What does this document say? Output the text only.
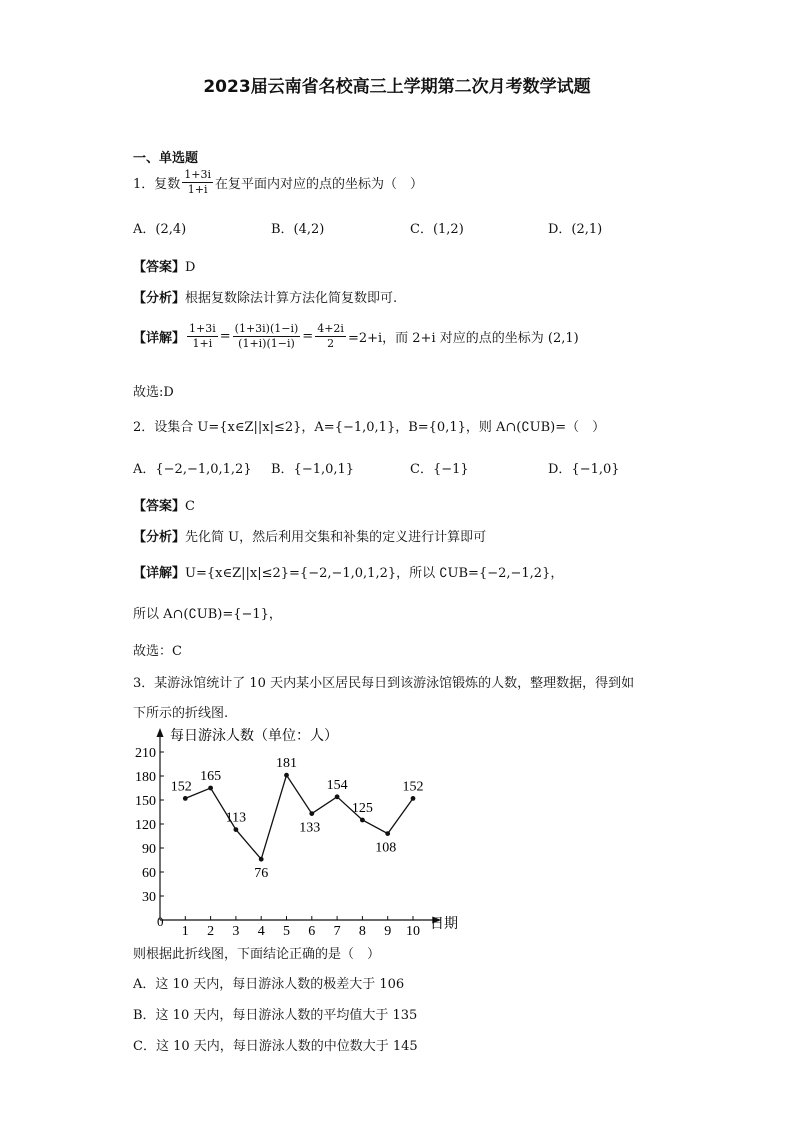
2023届云南省名校高三上学期第二次月考数学试题
一、单选题
1．复数 $\frac{1+3i}{1+i}$ 在复平面内对应的点的坐标为（　）
A．(2,4)	B．(4,2)	C．(1,2)	D．(2,1)
【答案】D
【分析】根据复数除法计算方法化简复数即可.
【详解】 $\frac{1+3i}{1+i} = \frac{(1+3i)(1-i)}{(1+i)(1-i)} = \frac{4+2i}{2} =2+i$，而 2+i 对应的点的坐标为 (2,1)
故选:D
2．设集合 U={x∈Z||x|≤2}，A={−1,0,1}，B={0,1}，则 A∩(∁UB)=（　）
A．{−2,−1,0,1,2} B．{−1,0,1}	C．{−1}	D．{−1,0}
【答案】C
【分析】先化简 U，然后利用交集和补集的定义进行计算即可
【详解】U={x∈Z||x|≤2}={−2,−1,0,1,2}，所以 ∁UB={−2,−1,2}，
所以 A∩(∁UB)={−1}，
故选：C
3．某游泳馆统计了 10 天内某小区居民每日到该游泳馆锻炼的人数，整理数据，得到如
下所示的折线图.
30
60
90
120
150
180
210
1 2 3 4 5 6 7 8 9 10
152
165
113
76
181
133
154
125
108
152
每日游泳人数（单位：人）
日期
0
则根据此折线图，下面结论正确的是（　）
A．这 10 天内，每日游泳人数的极差大于 106
B．这 10 天内，每日游泳人数的平均值大于 135
C．这 10 天内，每日游泳人数的中位数大于 145
